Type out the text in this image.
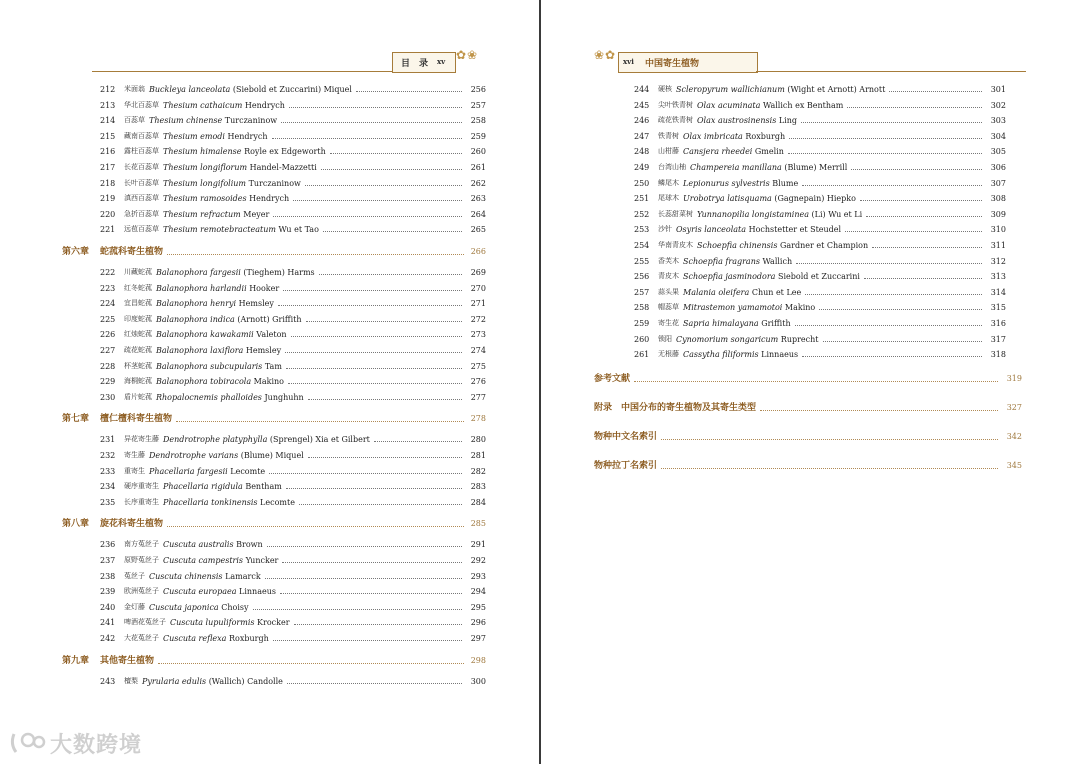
目　录 xv ✿❀
212	米面翁 Buckleya lanceolata (Siebold et Zuccarini) Miquel	256
213	华北百蕊草 Thesium cathaicum Hendrych	257
214	百蕊草 Thesium chinense Turczaninow	258
215	藏南百蕊草 Thesium emodi Hendrych	259
216	露柱百蕊草 Thesium himalense Royle ex Edgeworth	260
217	长花百蕊草 Thesium longiflorum Handel-Mazzetti	261
218	长叶百蕊草 Thesium longifolium Turczaninow	262
219	滇西百蕊草 Thesium ramosoides Hendrych	263
220	急折百蕊草 Thesium refractum Meyer	264
221	远苞百蕊草 Thesium remotebracteatum Wu et Tao	265
第六章 蛇菰科寄生植物	266
222	川藏蛇菰 Balanophora fargesii (Tieghem) Harms	269
223	红冬蛇菰 Balanophora harlandii Hooker	270
224	宜昌蛇菰 Balanophora henryi Hemsley	271
225	印度蛇菰 Balanophora indica (Arnott) Griffith	272
226	红烛蛇菰 Balanophora kawakamii Valeton	273
227	疏花蛇菰 Balanophora laxiflora Hemsley	274
228	杯茎蛇菰 Balanophora subcupularis Tam	275
229	海桐蛇菰 Balanophora tobiracola Makino	276
230	盾片蛇菰 Rhopalocnemis phalloides Junghuhn	277
第七章 檀仁檀科寄生植物	278
231	异花寄生藤 Dendrotrophe platyphylla (Sprengel) Xia et Gilbert	280
232	寄生藤 Dendrotrophe varians (Blume) Miquel	281
233	重寄生 Phacellaria fargesii Lecomte	282
234	硬序重寄生 Phacellaria rigidula Bentham	283
235	长序重寄生 Phacellaria tonkinensis Lecomte	284
第八章 旋花科寄生植物	285
236	南方菟丝子 Cuscuta australis Brown	291
237	原野菟丝子 Cuscuta campestris Yuncker	292
238	菟丝子 Cuscuta chinensis Lamarck	293
239	欧洲菟丝子 Cuscuta europaea Linnaeus	294
240	金灯藤 Cuscuta japonica Choisy	295
241	啤酒花菟丝子 Cuscuta lupuliformis Krocker	296
242	大花菟丝子 Cuscuta reflexa Roxburgh	297
第九章 其他寄生植物	298
243	檀梨 Pyrularia edulis (Wallich) Candolle	300
❀✿ xvi 中国寄生植物
244	硬核 Scleropyrum wallichianum (Wight et Arnott) Arnott	301
245	尖叶铁青树 Olax acuminata Wallich ex Bentham	302
246	疏花铁青树 Olax austrosinensis Ling	303
247	铁青树 Olax imbricata Roxburgh	304
248	山柑藤 Cansjera rheedei Gmelin	305
249	台湾山柚 Champereia manillana (Blume) Merrill	306
250	鳞尾木 Lepionurus sylvestris Blume	307
251	尾球木 Urobotrya latisquama (Gagnepain) Hiepko	308
252	长蕊甜菜树 Yunnanopilia longistaminea (Li) Wu et Li	309
253	沙针 Osyris lanceolata Hochstetter et Steudel	310
254	华南青皮木 Schoepfia chinensis Gardner et Champion	311
255	香芙木 Schoepfia fragrans Wallich	312
256	青皮木 Schoepfia jasminodora Siebold et Zuccarini	313
257	蒜头果 Malania oleifera Chun et Lee	314
258	帽蕊草 Mitrastemon yamamotoi Makino	315
259	寄生花 Sapria himalayana Griffith	316
260	锁阳 Cynomorium songaricum Ruprecht	317
261	无根藤 Cassytha filiformis Linnaeus	318
参考文献	319
附录　中国分布的寄生植物及其寄生类型	327
物种中文名索引	342
物种拉丁名索引	345
大数跨境
